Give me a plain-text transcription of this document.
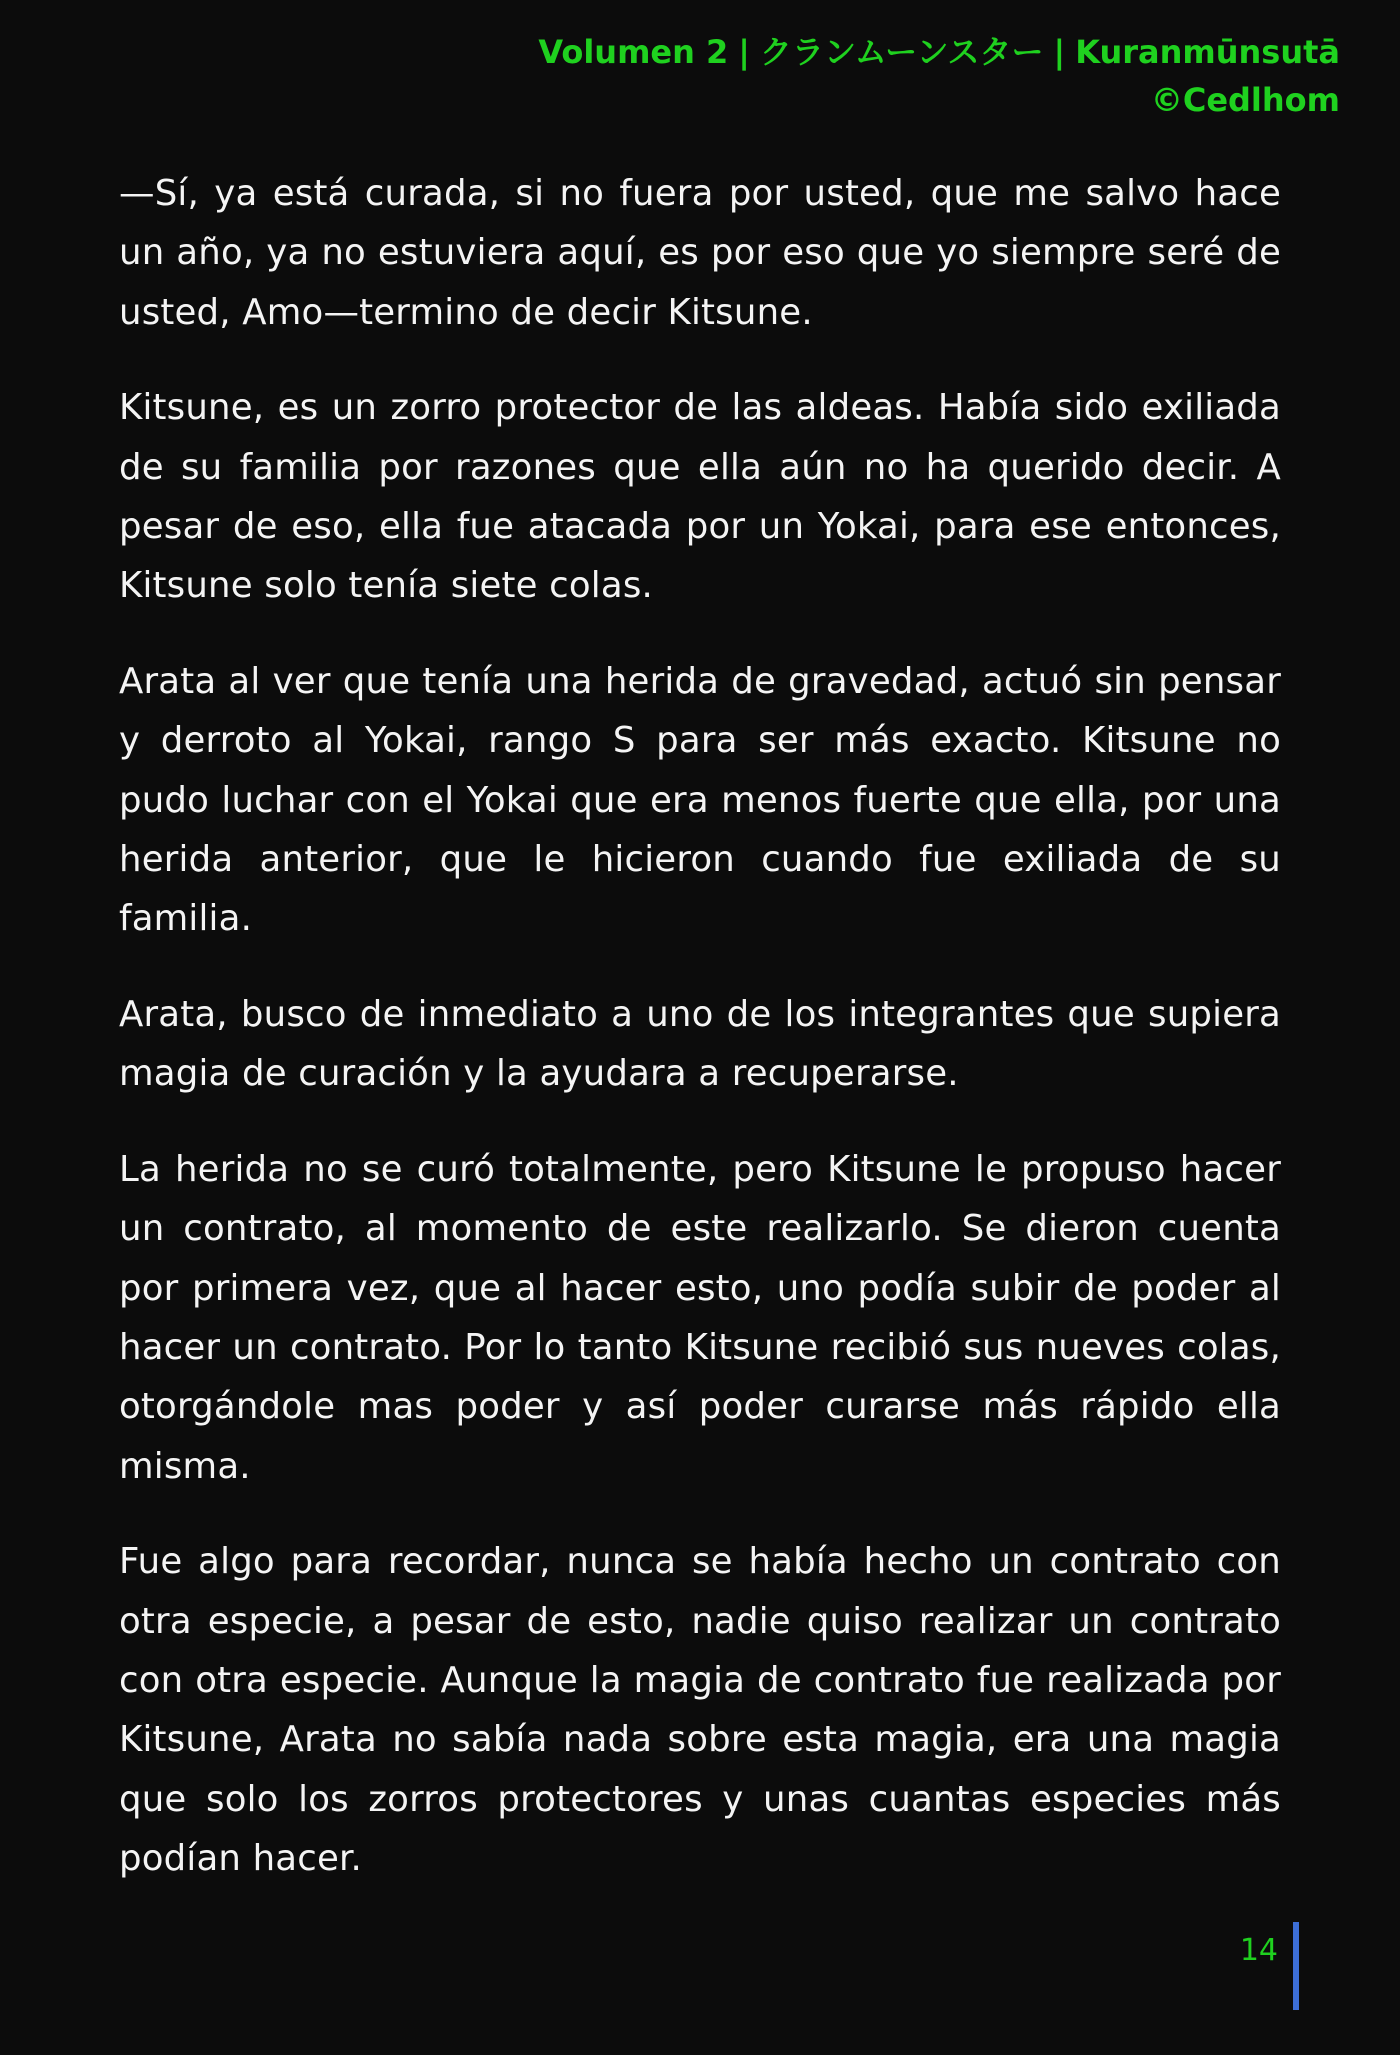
Volumen 2 | クランムーンスター | Kuranmūnsutā
©Cedlhom

—Sí, ya está curada, si no fuera por usted, que me salvo hace un año, ya no estuviera aquí, es por eso que yo siempre seré de usted, Amo—termino de decir Kitsune.

Kitsune, es un zorro protector de las aldeas. Había sido exiliada de su familia por razones que ella aún no ha querido decir. A pesar de eso, ella fue atacada por un Yokai, para ese entonces, Kitsune solo tenía siete colas.

Arata al ver que tenía una herida de gravedad, actuó sin pensar y derroto al Yokai, rango S para ser más exacto. Kitsune no pudo luchar con el Yokai que era menos fuerte que ella, por una herida anterior, que le hicieron cuando fue exiliada de su familia.

Arata, busco de inmediato a uno de los integrantes que supiera magia de curación y la ayudara a recuperarse.

La herida no se curó totalmente, pero Kitsune le propuso hacer un contrato, al momento de este realizarlo. Se dieron cuenta por primera vez, que al hacer esto, uno podía subir de poder al hacer un contrato. Por lo tanto Kitsune recibió sus nueves colas, otorgándole mas poder y así poder curarse más rápido ella misma.

Fue algo para recordar, nunca se había hecho un contrato con otra especie, a pesar de esto, nadie quiso realizar un contrato con otra especie. Aunque la magia de contrato fue realizada por Kitsune, Arata no sabía nada sobre esta magia, era una magia que solo los zorros protectores y unas cuantas especies más podían hacer.

14
